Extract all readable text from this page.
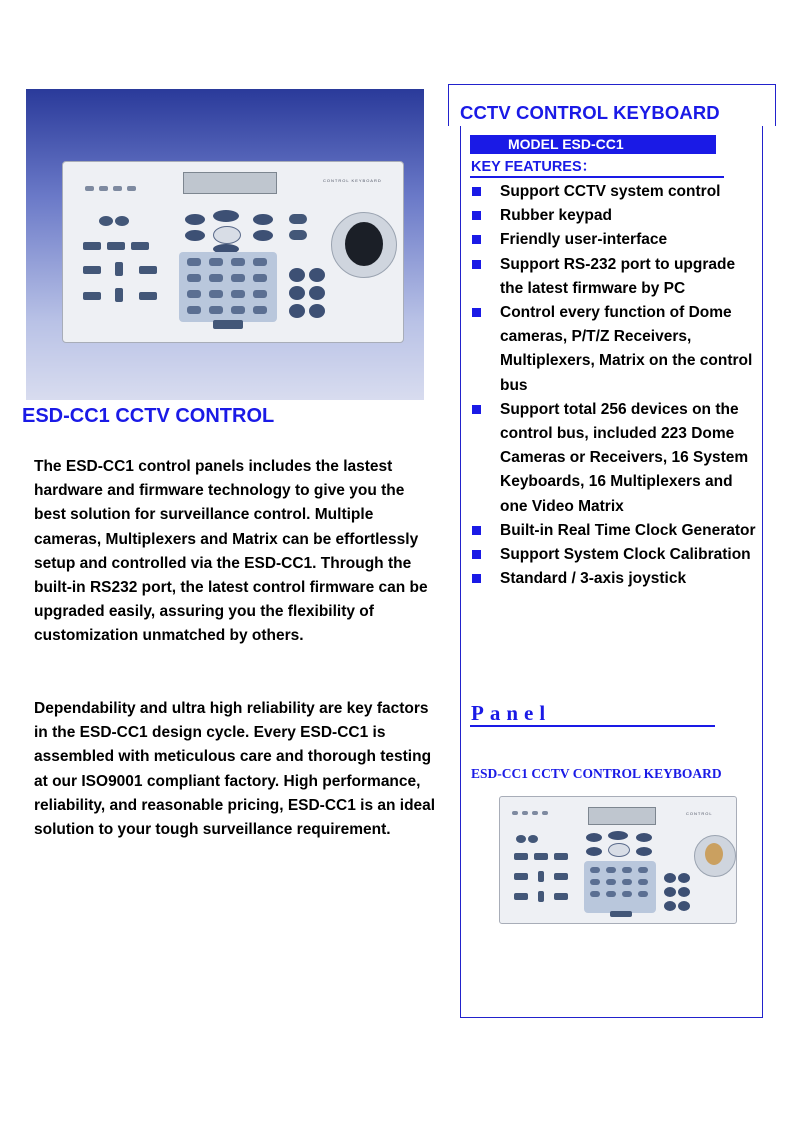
CONTROL KEYBOARD
ESD-CC1 CCTV CONTROL

The ESD-CC1 control panels includes the lastest hardware and firmware technology to give you the best solution for surveillance control. Multiple cameras, Multiplexers and Matrix can be effortlessly setup and controlled via the ESD-CC1. Through the built-in RS232 port, the latest control firmware can be upgraded easily, assuring you the flexibility of customization unmatched by others.

Dependability and ultra high reliability are key factors in the ESD-CC1 design cycle. Every ESD-CC1 is assembled with meticulous care and thorough testing at our ISO9001 compliant factory. High performance, reliability, and reasonable pricing, ESD-CC1 is an ideal solution to your tough surveillance requirement.

CCTV CONTROL KEYBOARD
MODEL ESD-CC1
KEY FEATURES：
Support CCTV system control
Rubber keypad
Friendly user-interface
Support RS-232 port to upgrade the latest firmware by PC
Control every function of Dome cameras, P/T/Z Receivers, Multiplexers, Matrix on the control bus
Support total 256 devices on the control bus, included 223 Dome Cameras or Receivers, 16 System Keyboards, 16 Multiplexers and one Video Matrix
Built-in Real Time Clock Generator
Support System Clock Calibration
Standard / 3-axis joystick
Panel
ESD-CC1 CCTV CONTROL KEYBOARD
CONTROL
